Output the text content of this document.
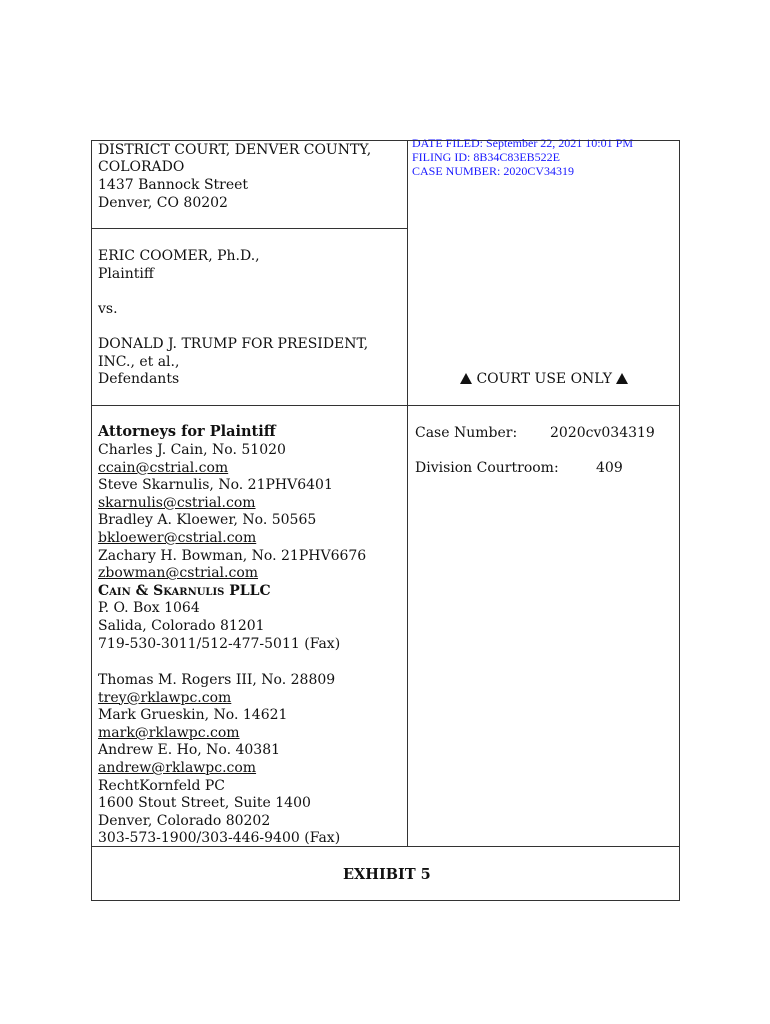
DATE FILED: September 22, 2021 10:01 PM
FILING ID: 8B34C83EB522E
CASE NUMBER: 2020CV34319
DISTRICT COURT, DENVER COUNTY,
COLORADO
1437 Bannock Street
Denver, CO 80202
ERIC COOMER, Ph.D.,
Plaintiff
vs.
DONALD J. TRUMP FOR PRESIDENT,
INC., et al.,
Defendants	COURT USE ONLY
Attorneys for Plaintiff
Charles J. Cain, No. 51020
ccain@cstrial.com
Steve Skarnulis, No. 21PHV6401
skarnulis@cstrial.com
Bradley A. Kloewer, No. 50565
bkloewer@cstrial.com
Zachary H. Bowman, No. 21PHV6676
zbowman@cstrial.com
Cain & Skarnulis PLLC
P. O. Box 1064
Salida, Colorado 81201
719-530-3011/512-477-5011 (Fax)
Thomas M. Rogers III, No. 28809
trey@rklawpc.com
Mark Grueskin, No. 14621
mark@rklawpc.com
Andrew E. Ho, No. 40381
andrew@rklawpc.com
RechtKornfeld PC
1600 Stout Street, Suite 1400
Denver, Colorado 80202
303-573-1900/303-446-9400 (Fax)
Case Number: 2020cv034319
Division Courtroom:	409
EXHIBIT 5
